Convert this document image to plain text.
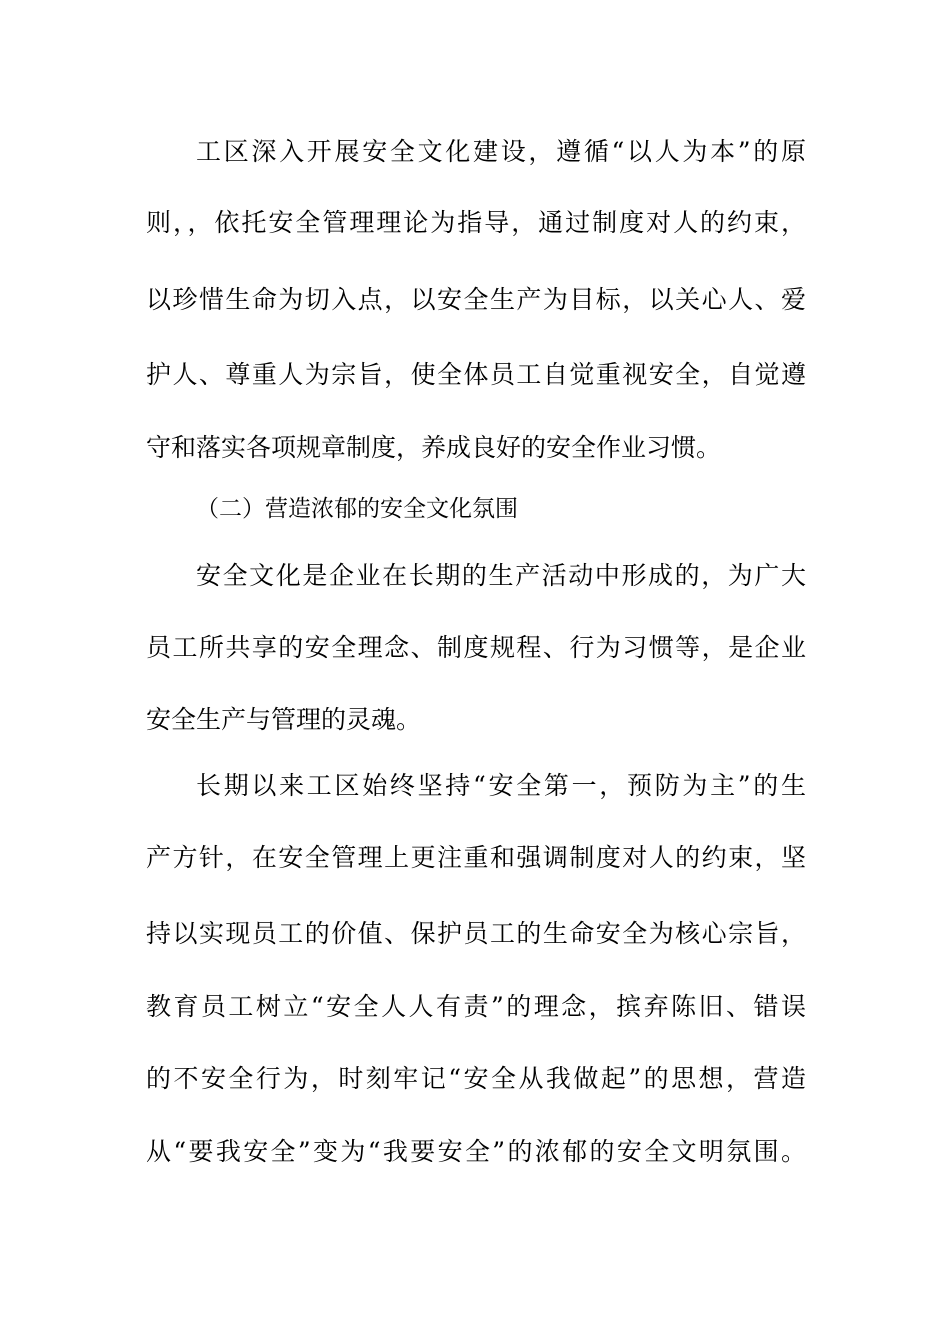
工区深入开展安全文化建设，遵循“以人为本”的原
则，，依托安全管理理论为指导，通过制度对人的约束，
以珍惜生命为切入点，以安全生产为目标，以关心人、爱
护人、尊重人为宗旨，使全体员工自觉重视安全，自觉遵
守和落实各项规章制度，养成良好的安全作业习惯。
（二）营造浓郁的安全文化氛围
安全文化是企业在长期的生产活动中形成的，为广大
员工所共享的安全理念、制度规程、行为习惯等，是企业
安全生产与管理的灵魂。
长期以来工区始终坚持“安全第一，预防为主”的生
产方针，在安全管理上更注重和强调制度对人的约束，坚
持以实现员工的价值、保护员工的生命安全为核心宗旨，
教育员工树立“安全人人有责”的理念，摈弃陈旧、错误
的不安全行为，时刻牢记“安全从我做起”的思想，营造
从“要我安全”变为“我要安全”的浓郁的安全文明氛围。
